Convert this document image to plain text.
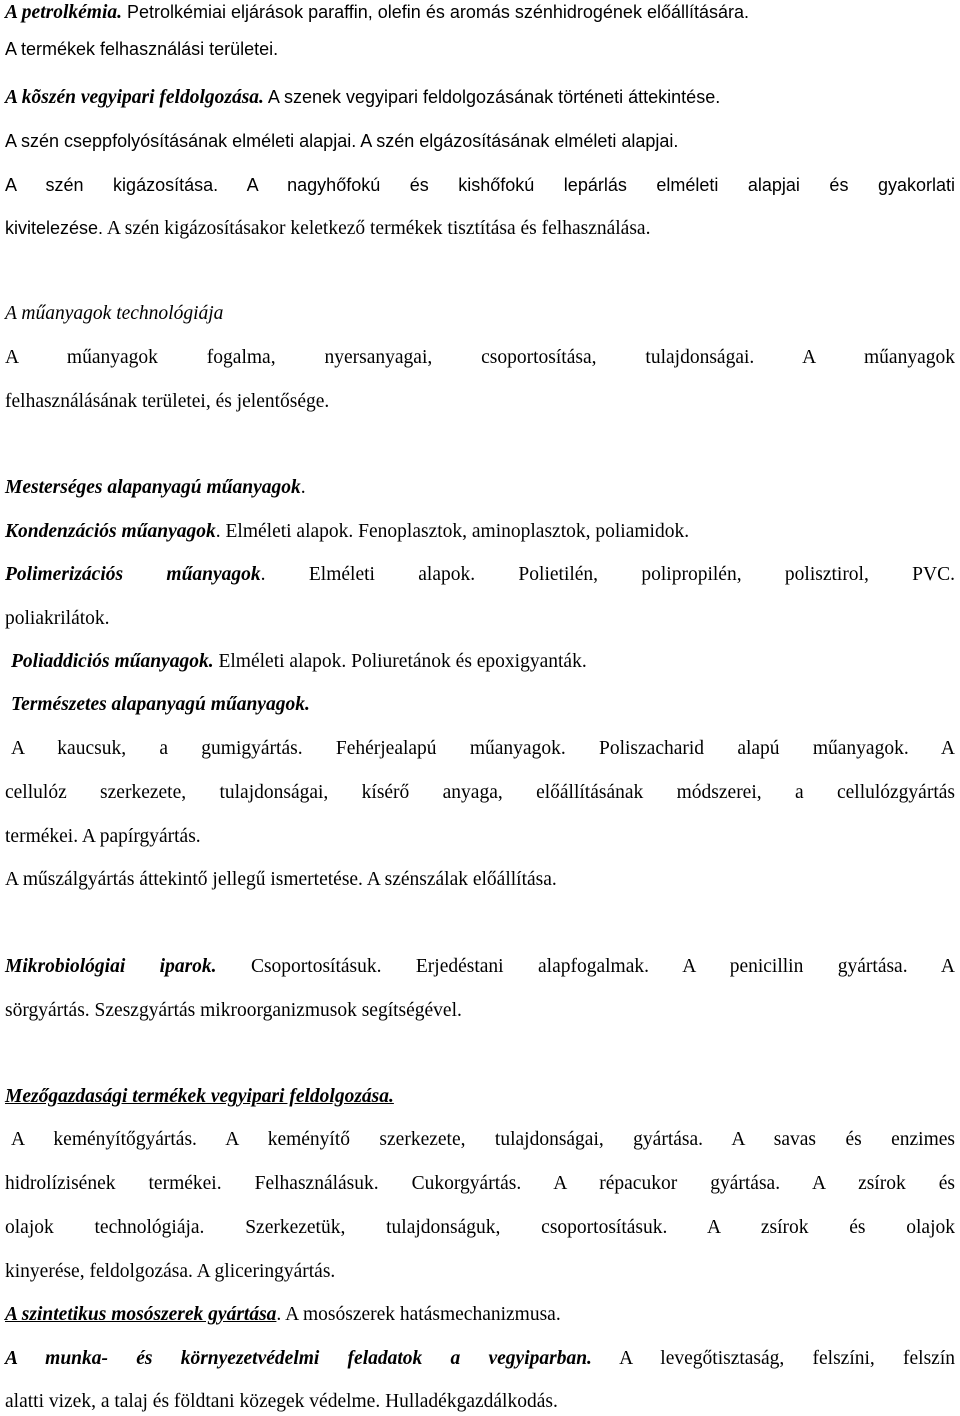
A petrolkémia. Petrolkémiai eljárások paraffin, olefin és aromás szénhidrogének előállítására.
A termékek felhasználási területei.
A kõszén vegyipari feldolgozása. A szenek vegyipari feldolgozásának történeti áttekintése.
A szén cseppfolyósításának elméleti alapjai. A szén elgázosításának elméleti alapjai.
A szén kigázosítása. A nagyhőfokú és kishőfokú lepárlás elméleti alapjai és gyakorlati
kivitelezése. A szén kigázosításakor keletkező termékek tisztítása és felhasználása.
A műanyagok technológiája
A műanyagok fogalma, nyersanyagai, csoportosítása, tulajdonságai. A műanyagok
felhasználásának területei, és jelentősége.
Mesterséges alapanyagú műanyagok.
Kondenzációs műanyagok. Elméleti alapok. Fenoplasztok, aminoplasztok, poliamidok.
Polimerizációs műanyagok. Elméleti alapok. Polietilén, polipropilén, polisztirol, PVC.
poliakrilátok.
Poliaddiciós műanyagok. Elméleti alapok. Poliuretánok és epoxigyanták.
Természetes alapanyagú műanyagok.
A kaucsuk, a gumigyártás. Fehérjealapú műanyagok. Poliszacharid alapú műanyagok. A
cellulóz szerkezete, tulajdonságai, kísérő anyaga, előállításának módszerei, a cellulózgyártás
termékei. A papírgyártás.
A műszálgyártás áttekintő jellegű ismertetése. A szénszálak előállítása.
Mikrobiológiai iparok. Csoportosításuk. Erjedéstani alapfogalmak. A penicillin gyártása. A
sörgyártás. Szeszgyártás mikroorganizmusok segítségével.
Mezőgazdasági termékek vegyipari feldolgozása.
A keményítőgyártás. A keményítő szerkezete, tulajdonságai, gyártása. A savas és enzimes
hidrolízisének termékei. Felhasználásuk. Cukorgyártás. A répacukor gyártása. A zsírok és
olajok technológiája. Szerkezetük, tulajdonságuk, csoportosításuk. A zsírok és olajok
kinyerése, feldolgozása. A gliceringyártás.
A szintetikus mosószerek gyártása. A mosószerek hatásmechanizmusa.
A munka- és környezetvédelmi feladatok a vegyiparban. A levegőtisztaság, felszíni, felszín
alatti vizek, a talaj és földtani közegek védelme. Hulladékgazdálkodás.
